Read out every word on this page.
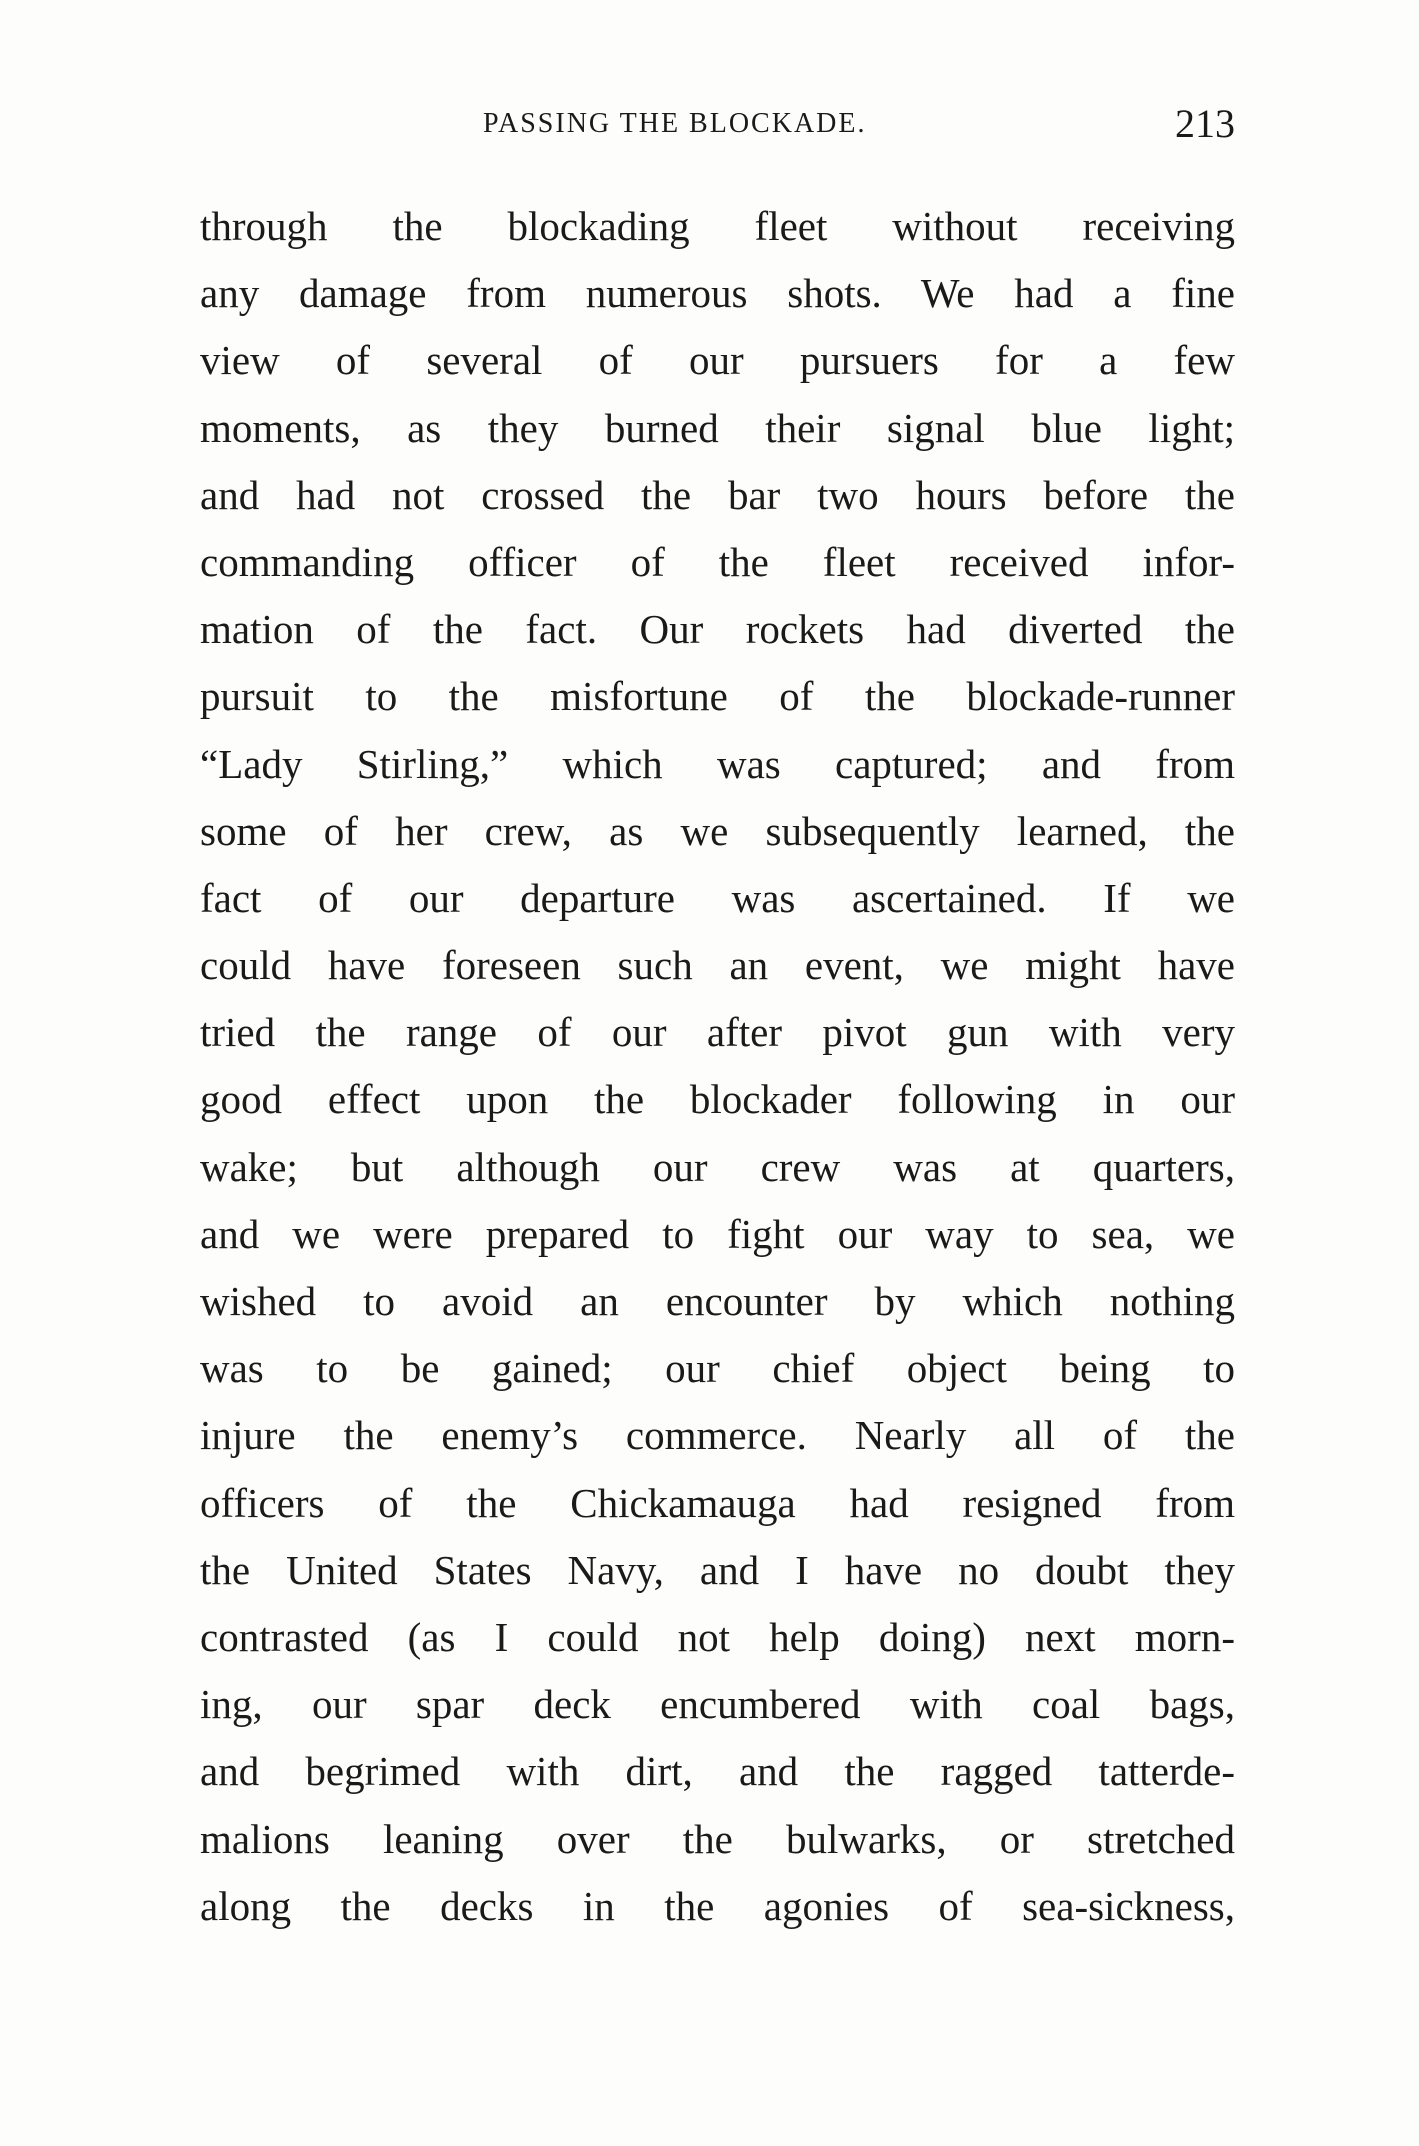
PASSING THE BLOCKADE.	213
through the blockading fleet without receiving
any damage from numerous shots. We had a fine
view of several of our pursuers for a few
moments, as they burned their signal blue light;
and had not crossed the bar two hours before the
commanding officer of the fleet received infor-
mation of the fact. Our rockets had diverted the
pursuit to the misfortune of the blockade-runner
“Lady Stirling,” which was captured; and from
some of her crew, as we subsequently learned, the
fact of our departure was ascertained. If we
could have foreseen such an event, we might have
tried the range of our after pivot gun with very
good effect upon the blockader following in our
wake; but although our crew was at quarters,
and we were prepared to fight our way to sea, we
wished to avoid an encounter by which nothing
was to be gained; our chief object being to
injure the enemy’s commerce. Nearly all of the
officers of the Chickamauga had resigned from
the United States Navy, and I have no doubt they
contrasted (as I could not help doing) next morn-
ing, our spar deck encumbered with coal bags,
and begrimed with dirt, and the ragged tatterde-
malions leaning over the bulwarks, or stretched
along the decks in the agonies of sea-sickness,
